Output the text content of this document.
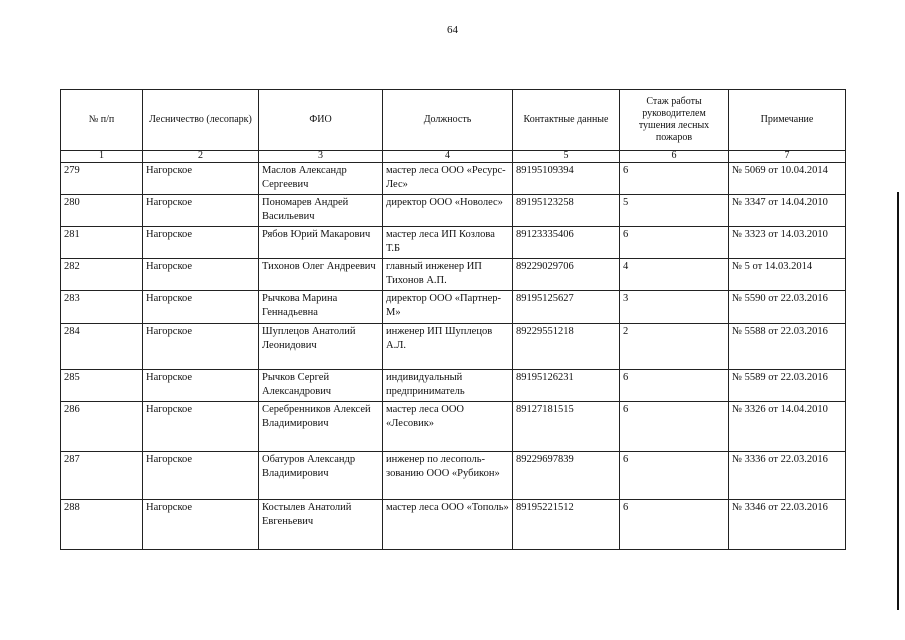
64
№ п/п	Лесничество (лесопарк)	ФИО	Должность	Контактные данные	Стаж работы руководителем тушения лесных пожаров	Примечание
1	2	3	4	5	6	7
279	Нагорское	Маслов Александр Сергеевич	мастер леса ООО «Ресурс-Лес»	89195109394	6	№ 5069 от 10.04.2014
280	Нагорское	Пономарев Андрей Васильевич	директор ООО «Новолес»	89195123258	5	№ 3347 от 14.04.2010
281	Нагорское	Рябов Юрий Макарович	мастер леса ИП Козлова Т.Б	89123335406	6	№ 3323 от 14.03.2010
282	Нагорское	Тихонов Олег Андреевич	главный инженер ИП Тихонов А.П.	89229029706	4	№ 5 от 14.03.2014
283	Нагорское	Рычкова Марина Геннадьевна	директор ООО «Партнер-М»	89195125627	3	№ 5590 от 22.03.2016
284	Нагорское	Шуплецов Анатолий Леонидович	инженер ИП Шуплецов А.Л.	89229551218	2	№ 5588 от 22.03.2016
285	Нагорское	Рычков Сергей Александрович	индивидуальный предприниматель	89195126231	6	№ 5589 от 22.03.2016
286	Нагорское	Серебренников Алексей Владимирович	мастер леса ООО «Лесовик»	89127181515	6	№ 3326 от 14.04.2010
287	Нагорское	Обатуров Александр Владимирович	инженер по лесополь-зованию ООО «Рубикон»	89229697839	6	№ 3336 от 22.03.2016
288	Нагорское	Костылев Анатолий Евгеньевич	мастер леса ООО «Тополь»	89195221512	6	№ 3346 от 22.03.2016
